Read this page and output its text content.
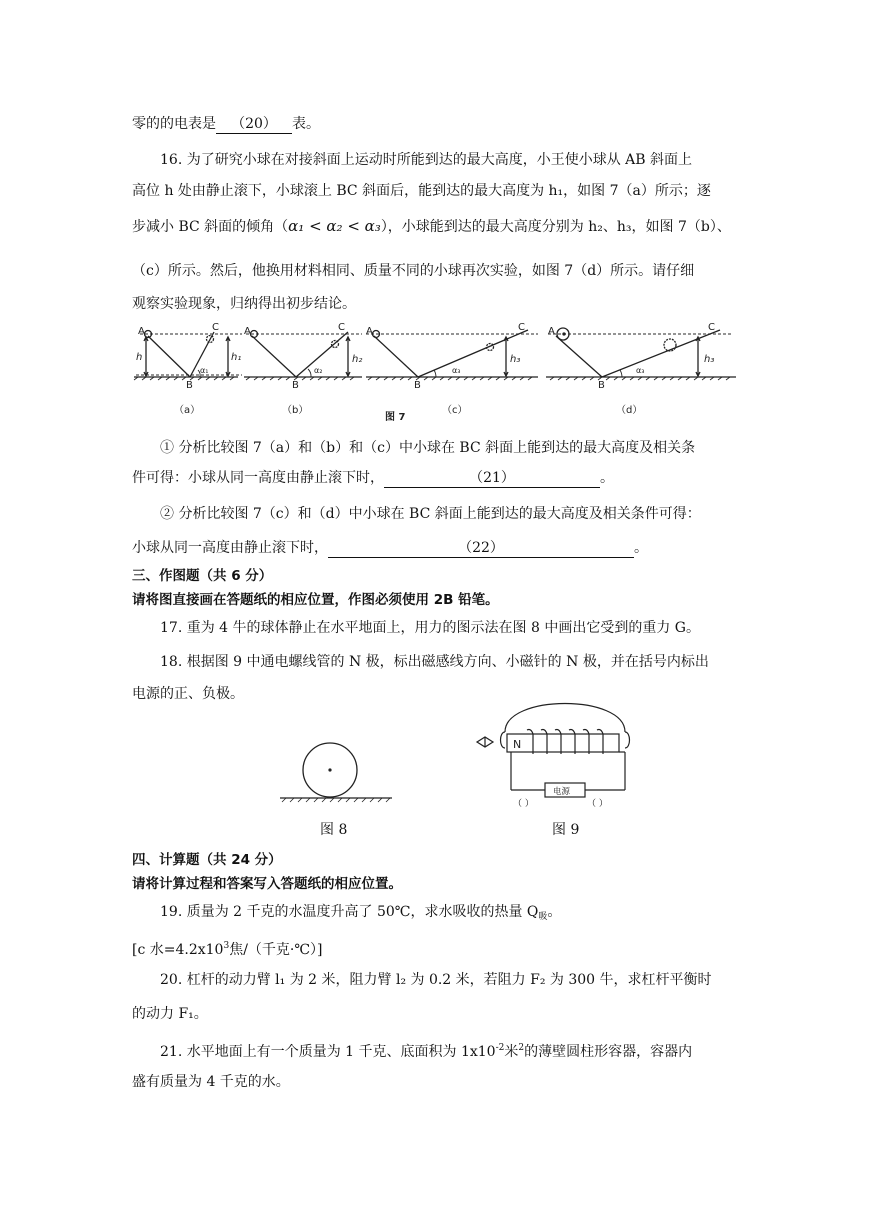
零的的电表是 （20） 表。
16. 为了研究小球在对接斜面上运动时所能到达的最大高度，小王使小球从 AB 斜面上
高位 h 处由静止滚下，小球滚上 BC 斜面后，能到达的最大高度为 h₁，如图 7（a）所示；逐
步减小 BC 斜面的倾角（α₁ < α₂ < α₃），小球能到达的最大高度分别为 h₂、h₃，如图 7（b）、
（c）所示。然后，他换用材料相同、质量不同的小球再次实验，如图 7（d）所示。请仔细
观察实验现象，归纳得出初步结论。
A	C
B
h	h₁
α₁
A	C
B
h₂
α₂
A	C
B
h₃
α₃
A	C
B
h₃
α₃
（a）	（b）	（c）	（d）
图 7
① 分析比较图 7（a）和（b）和（c）中小球在 BC 斜面上能到达的最大高度及相关条
件可得：小球从同一高度由静止滚下时，	（21）	。
② 分析比较图 7（c）和（d）中小球在 BC 斜面上能到达的最大高度及相关条件可得：
小球从同一高度由静止滚下时，	（22）	。
三、作图题（共 6 分）
请将图直接画在答题纸的相应位置，作图必须使用 2B 铅笔。
17. 重为 4 牛的球体静止在水平地面上，用力的图示法在图 8 中画出它受到的重力 G。
18. 根据图 9 中通电螺线管的 N 极，标出磁感线方向、小磁针的 N 极，并在括号内标出
电源的正、负极。
图 8
N
电源
（ ）	（ ）
图 9
四、计算题（共 24 分）
请将计算过程和答案写入答题纸的相应位置。
19. 质量为 2 千克的水温度升高了 50℃，求水吸收的热量 $Q_吸$。
[c 水$=4.2x10^3$焦/（千克·℃）]
20. 杠杆的动力臂 l₁ 为 2 米，阻力臂 l₂ 为 0.2 米，若阻力 F₂ 为 300 牛，求杠杆平衡时
的动力 F₁。
21. 水平地面上有一个质量为 1 千克、底面积为 $1x10^{-2}$米$^2$的薄壁圆柱形容器，容器内
盛有质量为 4 千克的水。
